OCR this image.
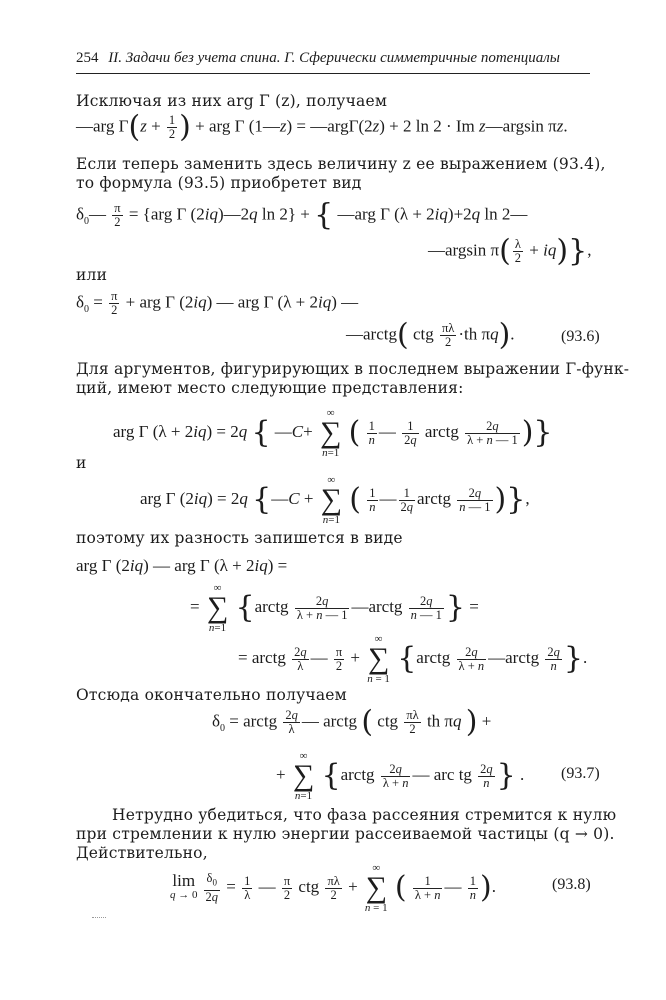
254 II. Задачи без учета спина. Г. Сферически симметричные потенциалы
Исключая из них arg Γ (z), получаем
—arg $\Gamma(z + \frac{1}{2}$ ) + arg Γ (1—z) = —argΓ(2z) + 2 ln 2 · Im z—argsin πz.
Если теперь заменить здесь величину z ее выражением (93.4),
то формула (93.5) приобретет вид
$\delta_0— \frac{\pi}{2} = \{arg$ Γ (2iq)—2q ln 2} + { —arg Γ (λ + 2iq)+2q ln 2—
—argsin $\pi( \frac{\lambda}{2} + iq)$},
или
$\delta_0 = \frac{\pi}{2}$ + arg Γ (2iq) — arg Γ (λ + 2iq) —
—arctg( ctg $\frac{\pi\lambda}{2} \cdot th$ πq).	(93.6)
Для аргументов, фигурирующих в последнем выражении Γ-функ-
ций, имеют место следующие представления:
arg Γ (λ + 2iq) = 2q { —C+
∞
∑
n=1
( $\frac{1}{n}$ — $\frac{1}{2q}$ arctg $\frac{2q}{\lambda + n — 1}$ )}
и
arg Γ (2iq) = 2q {—C +
∞
∑
n=1
( $\frac{1}{n}$ — $\frac{1}{2q}$ arctg $\frac{2q}{n — 1}$ )},
поэтому их разность запишется в виде
arg Γ (2iq) — arg Γ (λ + 2iq) =
=
∞
∑
n=1
{arctg $\frac{2q}{\lambda + n — 1}$ —arctg $\frac{2q}{n — 1}$ } =
= arctg $\frac{2q}{\lambda}$ — $\frac{\pi}{2}$ +
∞
∑
n = 1
{arctg $\frac{2q}{\lambda + n}$ —arctg $\frac{2q}{n}$ }.
Отсюда окончательно получаем
$\delta_0$ = arctg $\frac{2q}{\lambda}$ — arctg ( ctg $\frac{\pi\lambda}{2}$ th πq ) +
+
∞
∑
n=1
{arctg $\frac{2q}{\lambda + n}$ — arc tg $\frac{2q}{n}$ } . (93.7)
Нетрудно убедиться, что фаза рассеяния стремится к нулю
при стремлении к нулю энергии рассеиваемой частицы (q → 0).
Действительно,
lim
$q \to 0 \frac{\delta_0}{2q} = \frac{1}{\lambda}$ — $\frac{\pi}{2}$ ctg $\frac{\pi\lambda}{2}$ +
∞
∑
n = 1
( $\frac{1}{\lambda + n}$ — $\frac{1}{n}$ ).	(93.8)
